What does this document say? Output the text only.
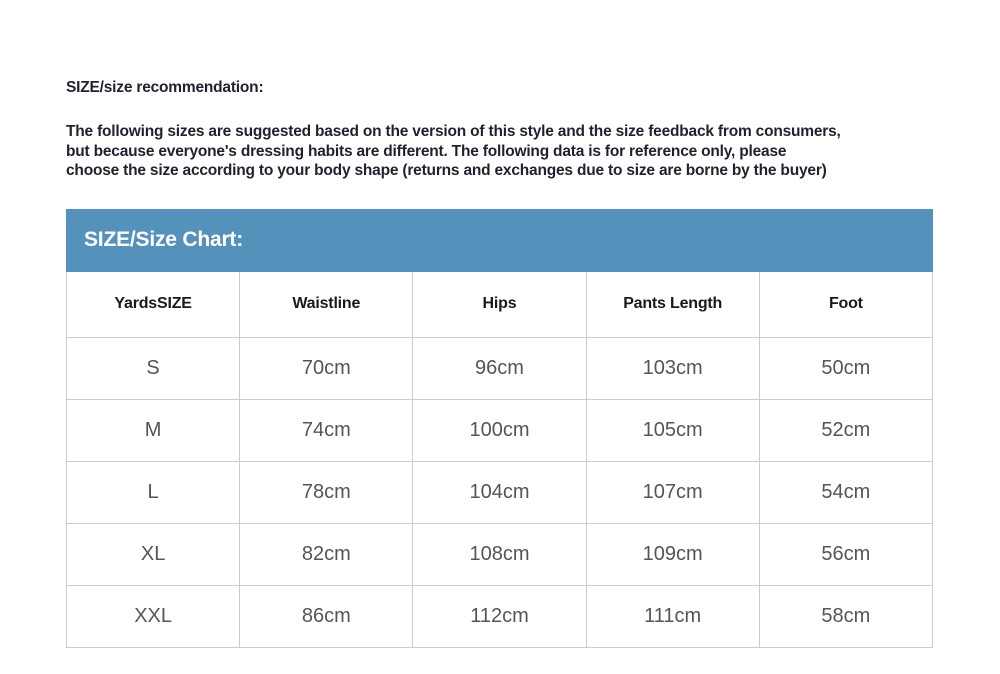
SIZE/size recommendation:
The following sizes are suggested based on the version of this style and the size feedback from consumers,
but because everyone's dressing habits are different. The following data is for reference only, please
choose the size according to your body shape (returns and exchanges due to size are borne by the buyer)
SIZE/Size Chart:
YardsSIZE	Waistline	Hips	Pants Length	Foot
S	70cm	96cm	103cm	50cm
M	74cm	100cm	105cm	52cm
L	78cm	104cm	107cm	54cm
XL	82cm	108cm	109cm	56cm
XXL	86cm	112cm	111cm	58cm
